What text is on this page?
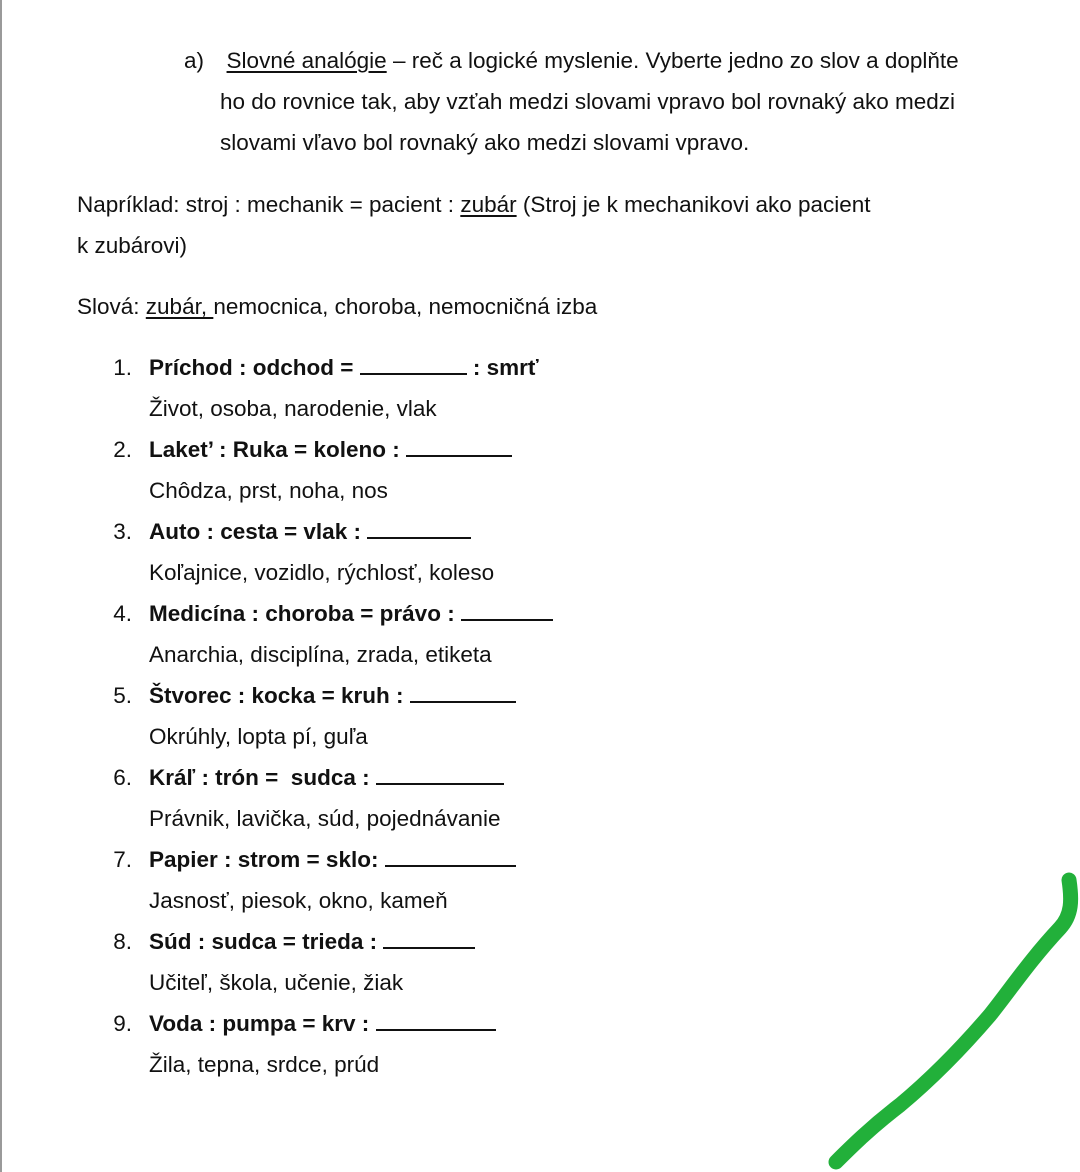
a) Slovné analógie – reč a logické myslenie. Vyberte jedno zo slov a doplňte
ho do rovnice tak, aby vzťah medzi slovami vpravo bol rovnaký ako medzi
slovami vľavo bol rovnaký ako medzi slovami vpravo.
Napríklad: stroj : mechanik = pacient : zubár (Stroj je k mechanikovi ako pacient
k zubárovi)
Slová: zubár, nemocnica, choroba, nemocničná izba
1. Príchod : odchod =	: smrť
Život, osoba, narodenie, vlak
2. Laket’ : Ruka = koleno :
Chôdza, prst, noha, nos
3. Auto : cesta = vlak :
Koľajnice, vozidlo, rýchlosť, koleso
4. Medicína : choroba = právo :
Anarchia, disciplína, zrada, etiketa
5. Štvorec : kocka = kruh :
Okrúhly, lopta pí, guľa
6. Kráľ : trón =  sudca :
Právnik, lavička, súd, pojednávanie
7. Papier : strom = sklo:
Jasnosť, piesok, okno, kameň
8. Súd : sudca = trieda :
Učiteľ, škola, učenie, žiak
9. Voda : pumpa = krv :
Žila, tepna, srdce, prúd
